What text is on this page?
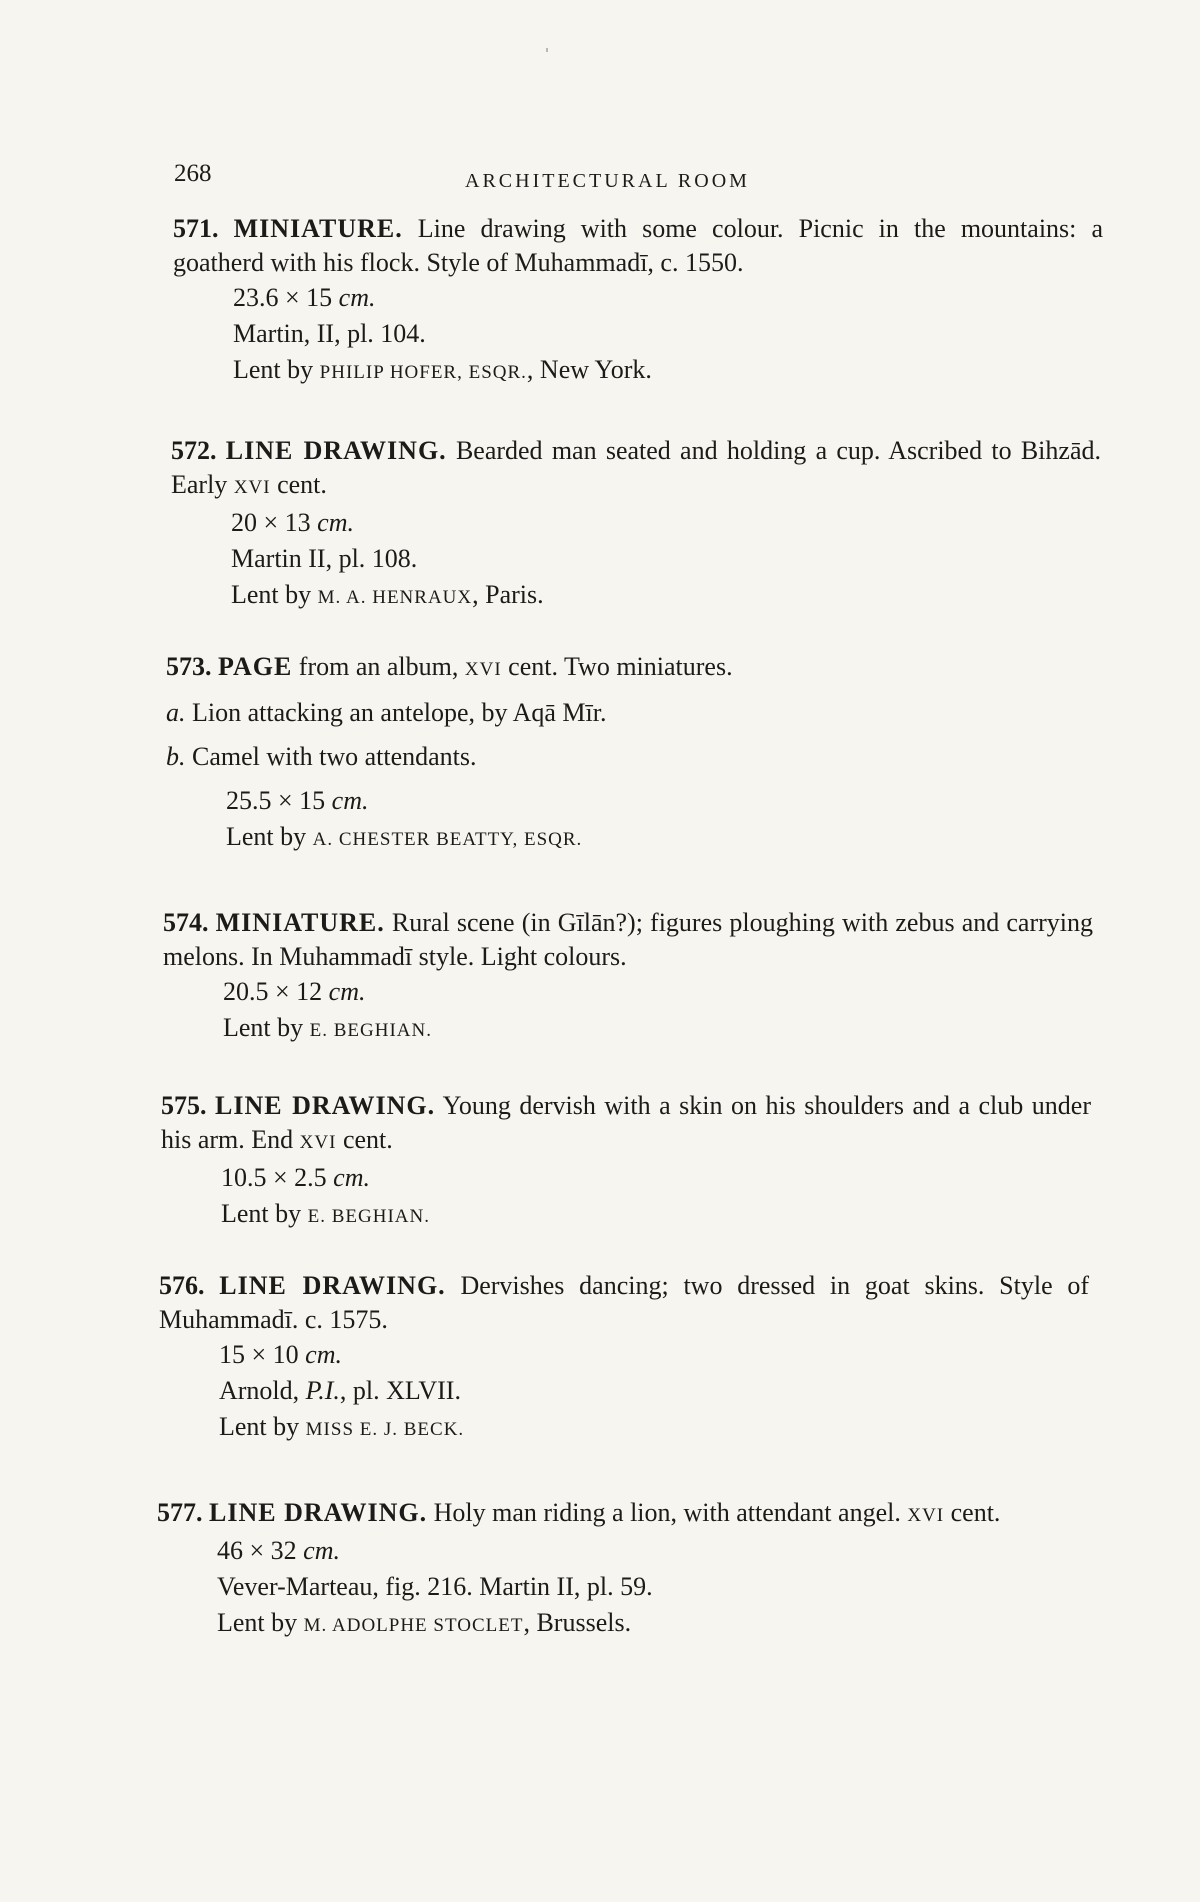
268	ARCHITECTURAL ROOM
571. MINIATURE. Line drawing with some colour. Picnic in the mountains: a goatherd with his flock. Style of Muhammadī, c. 1550.
23.6 × 15 cm.
Martin, II, pl. 104.
Lent by PHILIP HOFER, ESQR., New York.
572. LINE DRAWING. Bearded man seated and holding a cup. Ascribed to Bihzād. Early XVI cent.
20 × 13 cm.
Martin II, pl. 108.
Lent by M. A. HENRAUX, Paris.
573. PAGE from an album, XVI cent. Two miniatures.
a. Lion attacking an antelope, by Aqā Mīr.
b. Camel with two attendants.
25.5 × 15 cm.
Lent by A. CHESTER BEATTY, ESQR.
574. MINIATURE. Rural scene (in Gīlān?); figures ploughing with zebus and carrying melons. In Muhammadī style. Light colours.
20.5 × 12 cm.
Lent by E. BEGHIAN.
575. LINE DRAWING. Young dervish with a skin on his shoulders and a club under his arm. End XVI cent.
10.5 × 2.5 cm.
Lent by E. BEGHIAN.
576. LINE DRAWING. Dervishes dancing; two dressed in goat skins. Style of Muhammadī. c. 1575.
15 × 10 cm.
Arnold, P.I., pl. XLVII.
Lent by MISS E. J. BECK.
577. LINE DRAWING. Holy man riding a lion, with attendant angel. XVI cent.
46 × 32 cm.
Vever-Marteau, fig. 216. Martin II, pl. 59.
Lent by M. ADOLPHE STOCLET, Brussels.
